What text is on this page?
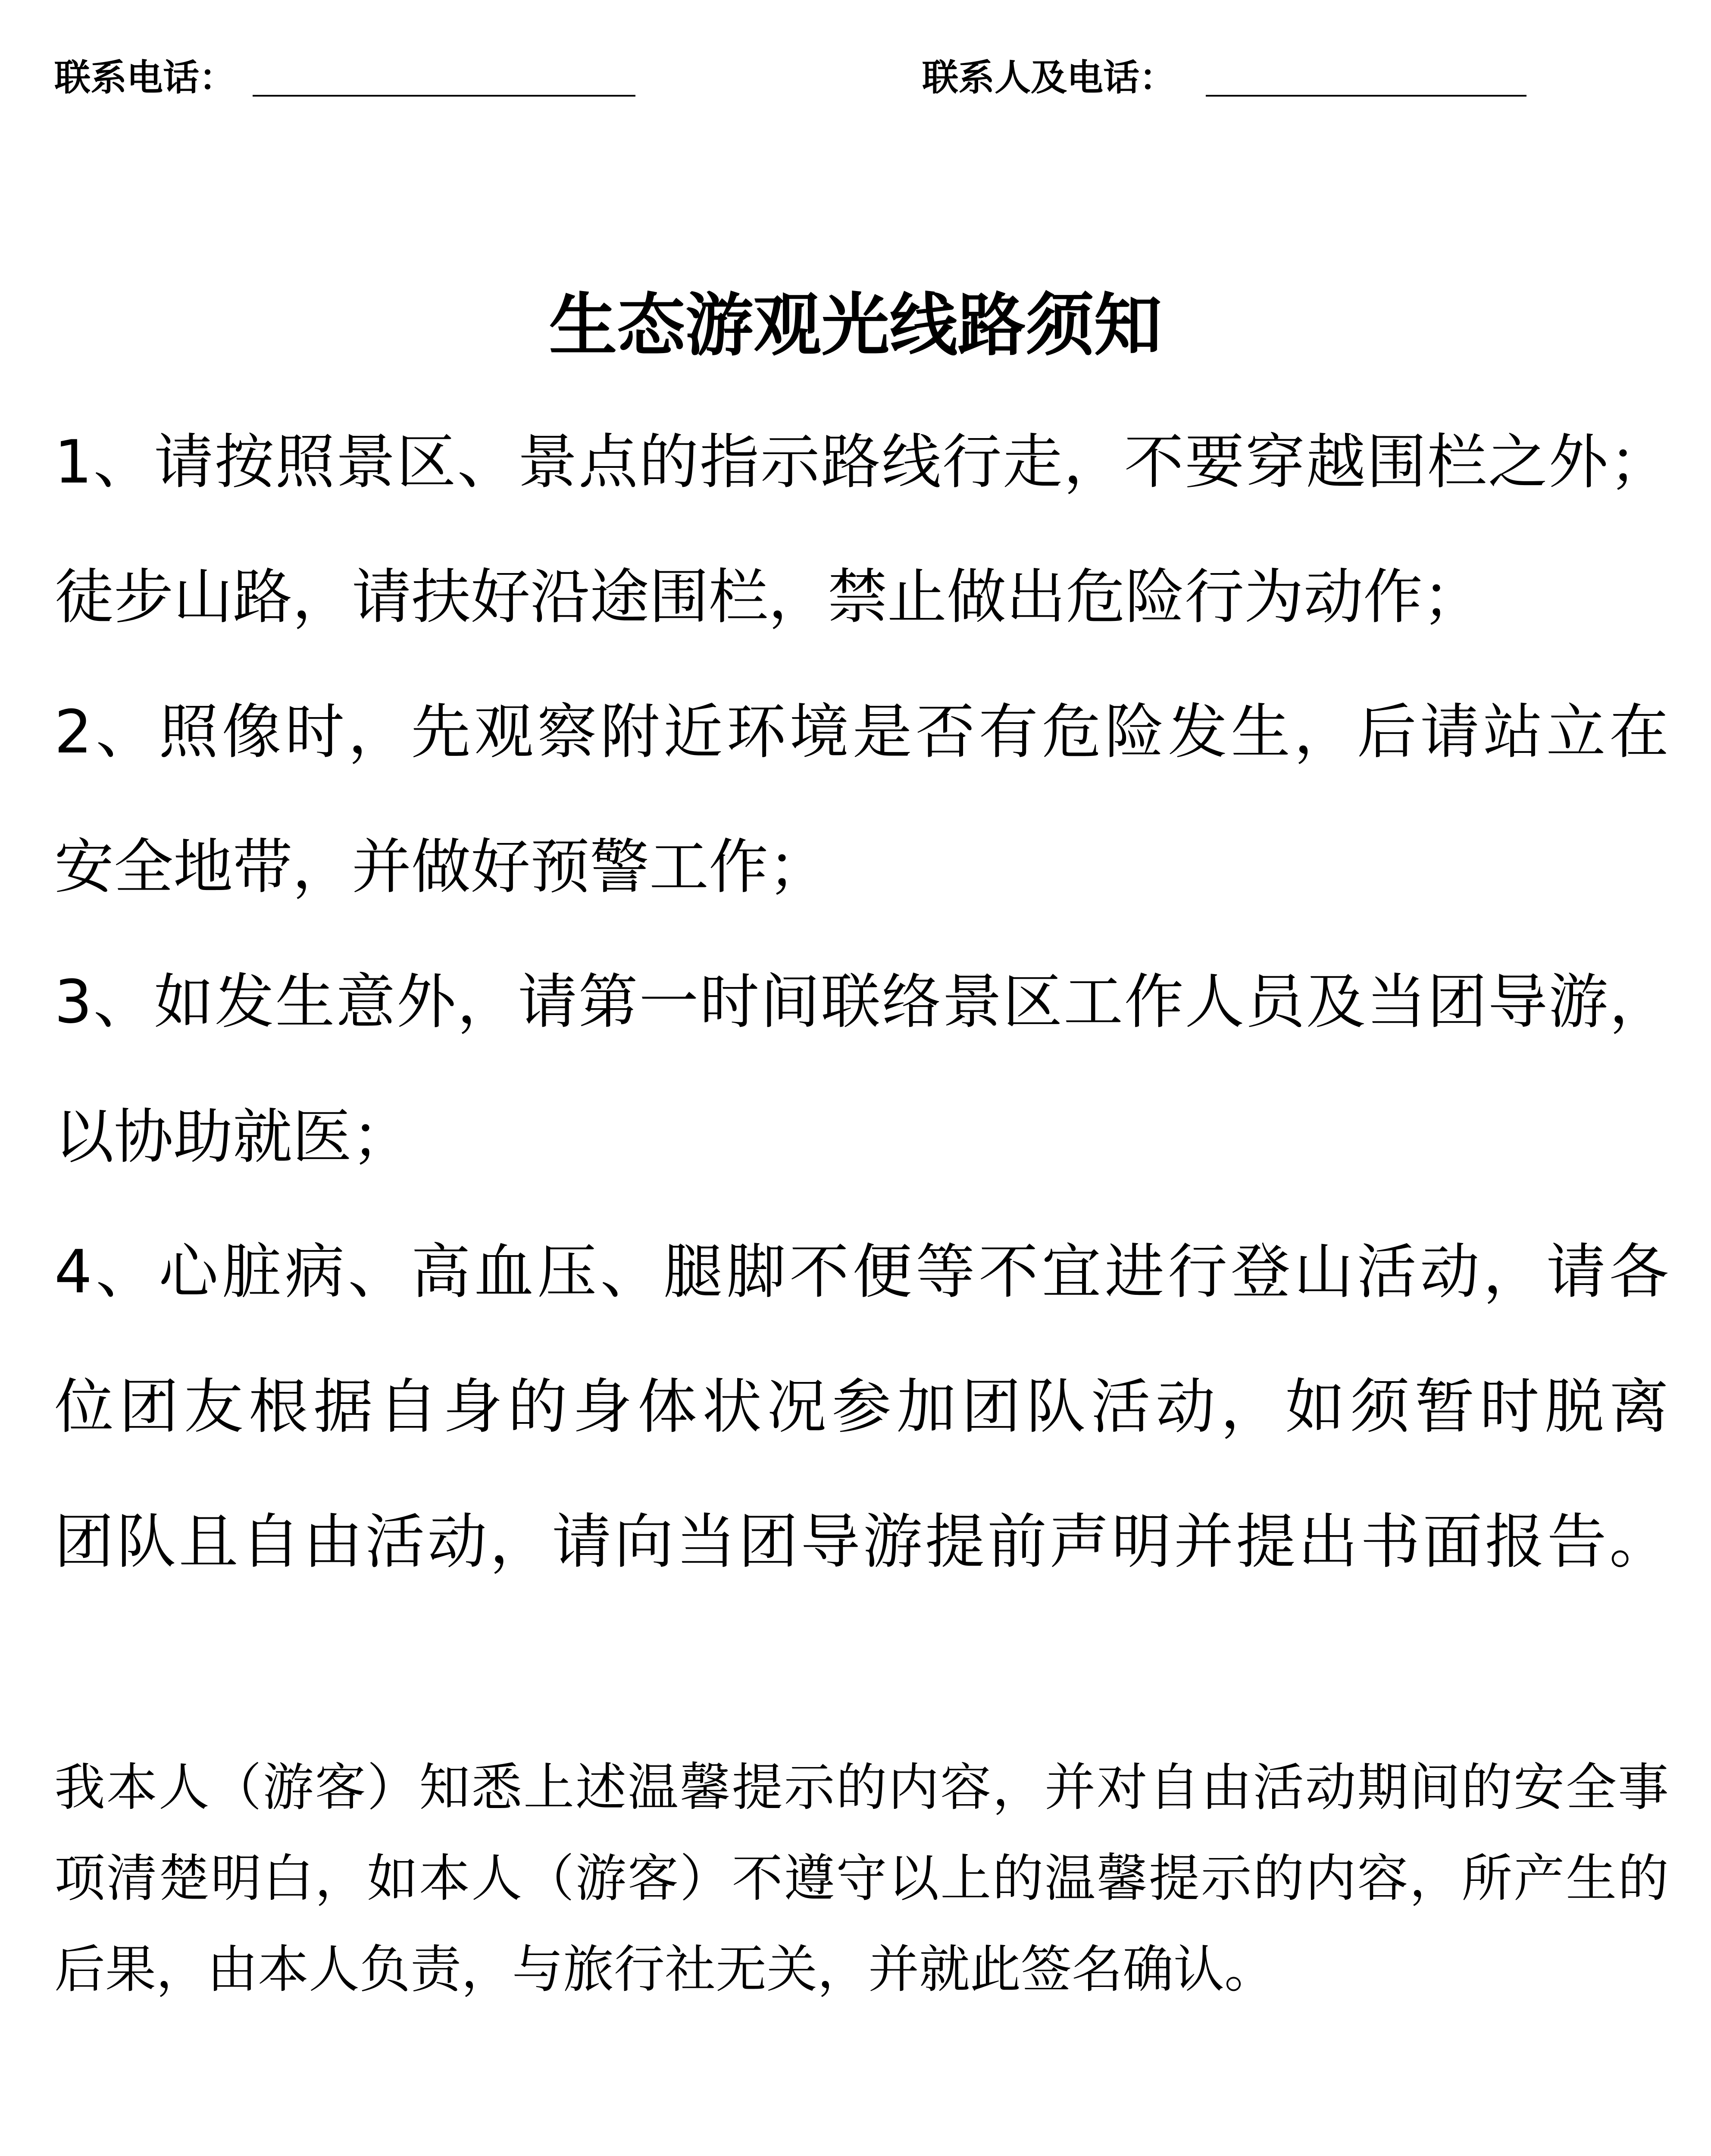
联系电话：	联系人及电话：
生态游观光线路须知
1、请按照景区、景点的指示路线行走，不要穿越围栏之外；
徒步山路，请扶好沿途围栏，禁止做出危险行为动作；
2、照像时，先观察附近环境是否有危险发生，后请站立在
安全地带，并做好预警工作；
3、如发生意外，请第一时间联络景区工作人员及当团导游，
以协助就医；
4、心脏病、高血压、腿脚不便等不宜进行登山活动，请各
位团友根据自身的身体状况参加团队活动，如须暂时脱离
团队且自由活动，请向当团导游提前声明并提出书面报告。
我本人（游客）知悉上述温馨提示的内容，并对自由活动期间的安全事
项清楚明白，如本人（游客）不遵守以上的温馨提示的内容，所产生的
后果，由本人负责，与旅行社无关，并就此签名确认。
